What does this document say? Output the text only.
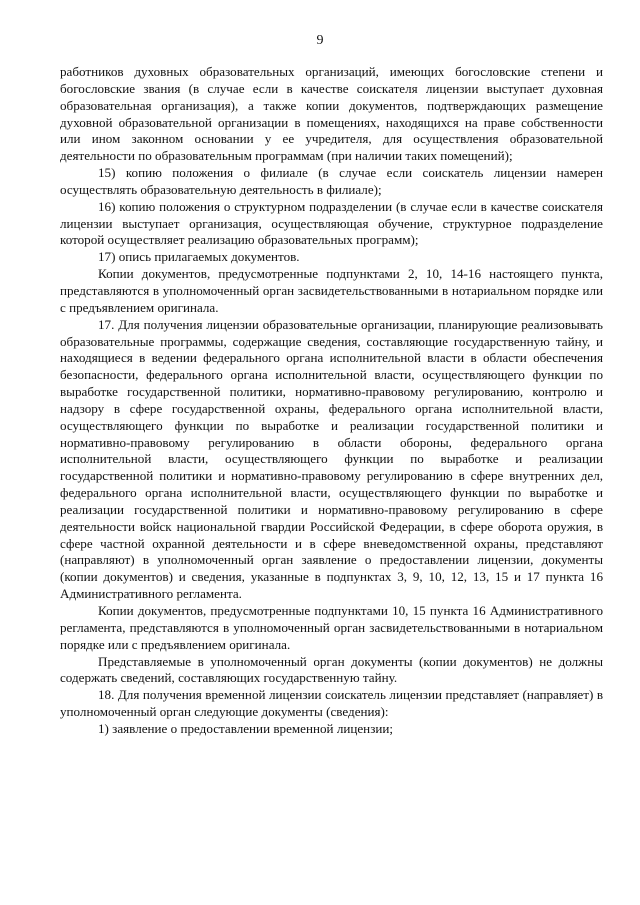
9

работников духовных образовательных организаций, имеющих богословские степени и богословские звания (в случае если в качестве соискателя лицензии выступает духовная образовательная организация), а также копии документов, подтверждающих размещение духовной образовательной организации в помещениях, находящихся на праве собственности или ином законном основании у ее учредителя, для осуществления образовательной деятельности по образовательным программам (при наличии таких помещений);

15) копию положения о филиале (в случае если соискатель лицензии намерен осуществлять образовательную деятельность в филиале);

16) копию положения о структурном подразделении (в случае если в качестве соискателя лицензии выступает организация, осуществляющая обучение, структурное подразделение которой осуществляет реализацию образовательных программ);

17) опись прилагаемых документов.

Копии документов, предусмотренные подпунктами 2, 10, 14-16 настоящего пункта, представляются в уполномоченный орган засвидетельствованными в нотариальном порядке или с предъявлением оригинала.

17. Для получения лицензии образовательные организации, планирующие реализовывать образовательные программы, содержащие сведения, составляющие государственную тайну, и находящиеся в ведении федерального органа исполнительной власти в области обеспечения безопасности, федерального органа исполнительной власти, осуществляющего функции по выработке государственной политики, нормативно-правовому регулированию, контролю и надзору в сфере государственной охраны, федерального органа исполнительной власти, осуществляющего функции по выработке и реализации государственной политики и нормативно-правовому регулированию в области обороны, федерального органа исполнительной власти, осуществляющего функции по выработке и реализации государственной политики и нормативно-правовому регулированию в сфере внутренних дел, федерального органа исполнительной власти, осуществляющего функции по выработке и реализации государственной политики и нормативно-правовому регулированию в сфере деятельности войск национальной гвардии Российской Федерации, в сфере оборота оружия, в сфере частной охранной деятельности и в сфере вневедомственной охраны, представляют (направляют) в уполномоченный орган заявление о предоставлении лицензии, документы (копии документов) и сведения, указанные в подпунктах 3, 9, 10, 12, 13, 15 и 17 пункта 16 Административного регламента.

Копии документов, предусмотренные подпунктами 10, 15 пункта 16 Административного регламента, представляются в уполномоченный орган засвидетельствованными в нотариальном порядке или с предъявлением оригинала.

Представляемые в уполномоченный орган документы (копии документов) не должны содержать сведений, составляющих государственную тайну.

18. Для получения временной лицензии соискатель лицензии представляет (направляет) в уполномоченный орган следующие документы (сведения):

1) заявление о предоставлении временной лицензии;
